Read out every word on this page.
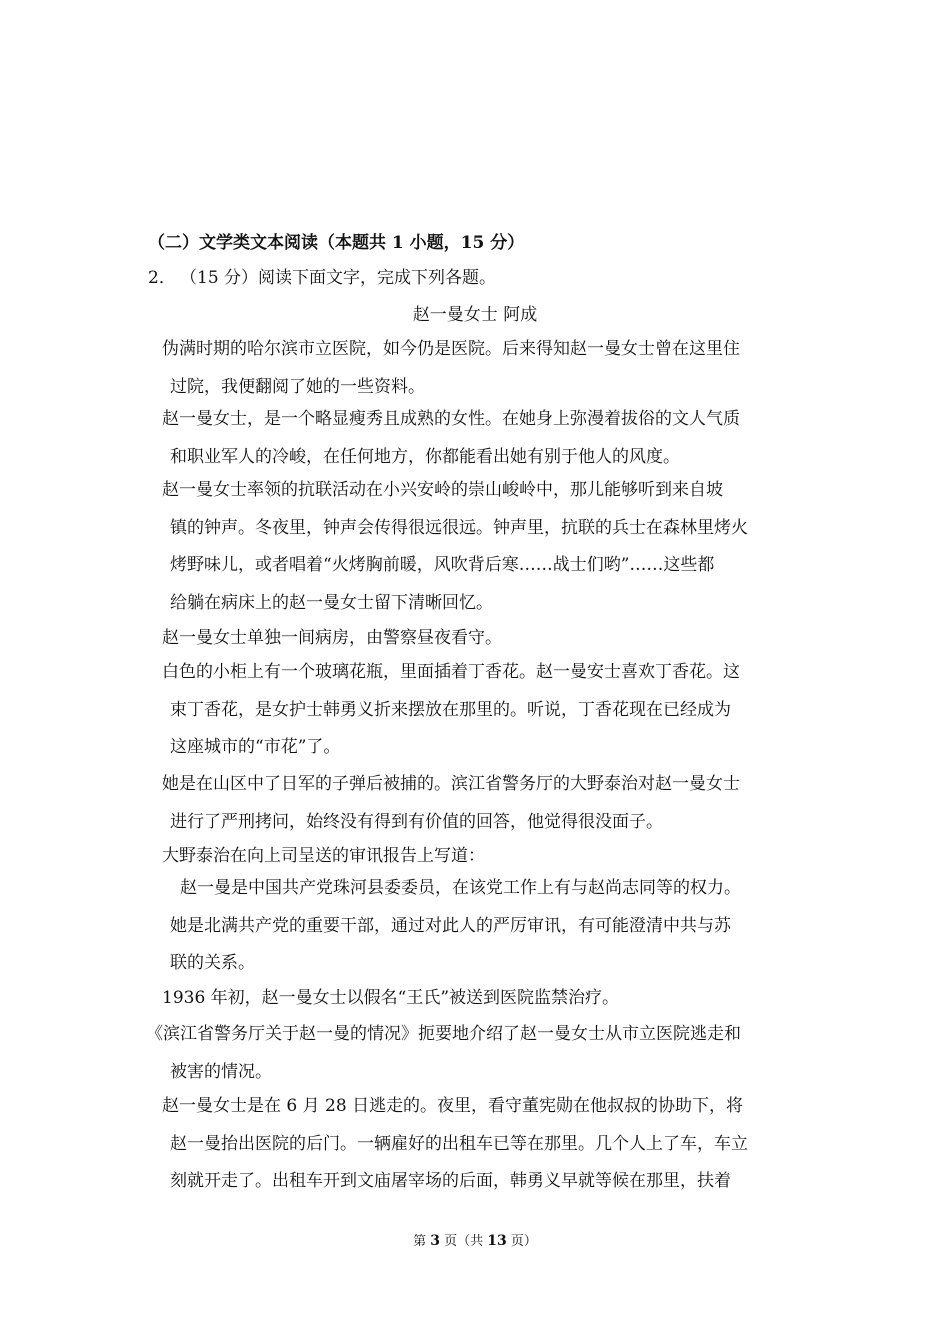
（二）文学类文本阅读（本题共 1 小题，15 分）
2． （15 分）阅读下面文字，完成下列各题。
赵一曼女士 阿成
伪满时期的哈尔滨市立医院，如今仍是医院。后来得知赵一曼女士曾在这里住
过院，我便翻阅了她的一些资料。
赵一曼女士，是一个略显瘦秀且成熟的女性。在她身上弥漫着拔俗的文人气质
和职业军人的冷峻，在任何地方，你都能看出她有别于他人的风度。
赵一曼女士率领的抗联活动在小兴安岭的崇山峻岭中，那儿能够听到来自坡
镇的钟声。冬夜里，钟声会传得很远很远。钟声里，抗联的兵士在森林里烤火
烤野味儿，或者唱着“火烤胸前暖，风吹背后寒……战士们哟”……这些都
给躺在病床上的赵一曼女士留下清晰回忆。
赵一曼女士单独一间病房，由警察昼夜看守。
白色的小柜上有一个玻璃花瓶，里面插着丁香花。赵一曼安士喜欢丁香花。这
束丁香花，是女护士韩勇义折来摆放在那里的。听说，丁香花现在已经成为
这座城市的“市花”了。
她是在山区中了日军的子弹后被捕的。滨江省警务厅的大野泰治对赵一曼女士
进行了严刑拷问，始终没有得到有价值的回答，他觉得很没面子。
大野泰治在向上司呈送的审讯报告上写道：
赵一曼是中国共产党珠河县委委员，在该党工作上有与赵尚志同等的权力。
她是北满共产党的重要干部，通过对此人的严厉审讯，有可能澄清中共与苏
联的关系。
1936 年初，赵一曼女士以假名“王氏”被送到医院监禁治疗。
《滨江省警务厅关于赵一曼的情况》扼要地介绍了赵一曼女士从市立医院逃走和
被害的情况。
赵一曼女士是在 6 月 28 日逃走的。夜里，看守董宪勋在他叔叔的协助下，将
赵一曼抬出医院的后门。一辆雇好的出租车已等在那里。几个人上了车，车立
刻就开走了。出租车开到文庙屠宰场的后面，韩勇义早就等候在那里，扶着
第 3 页（共 13 页）
